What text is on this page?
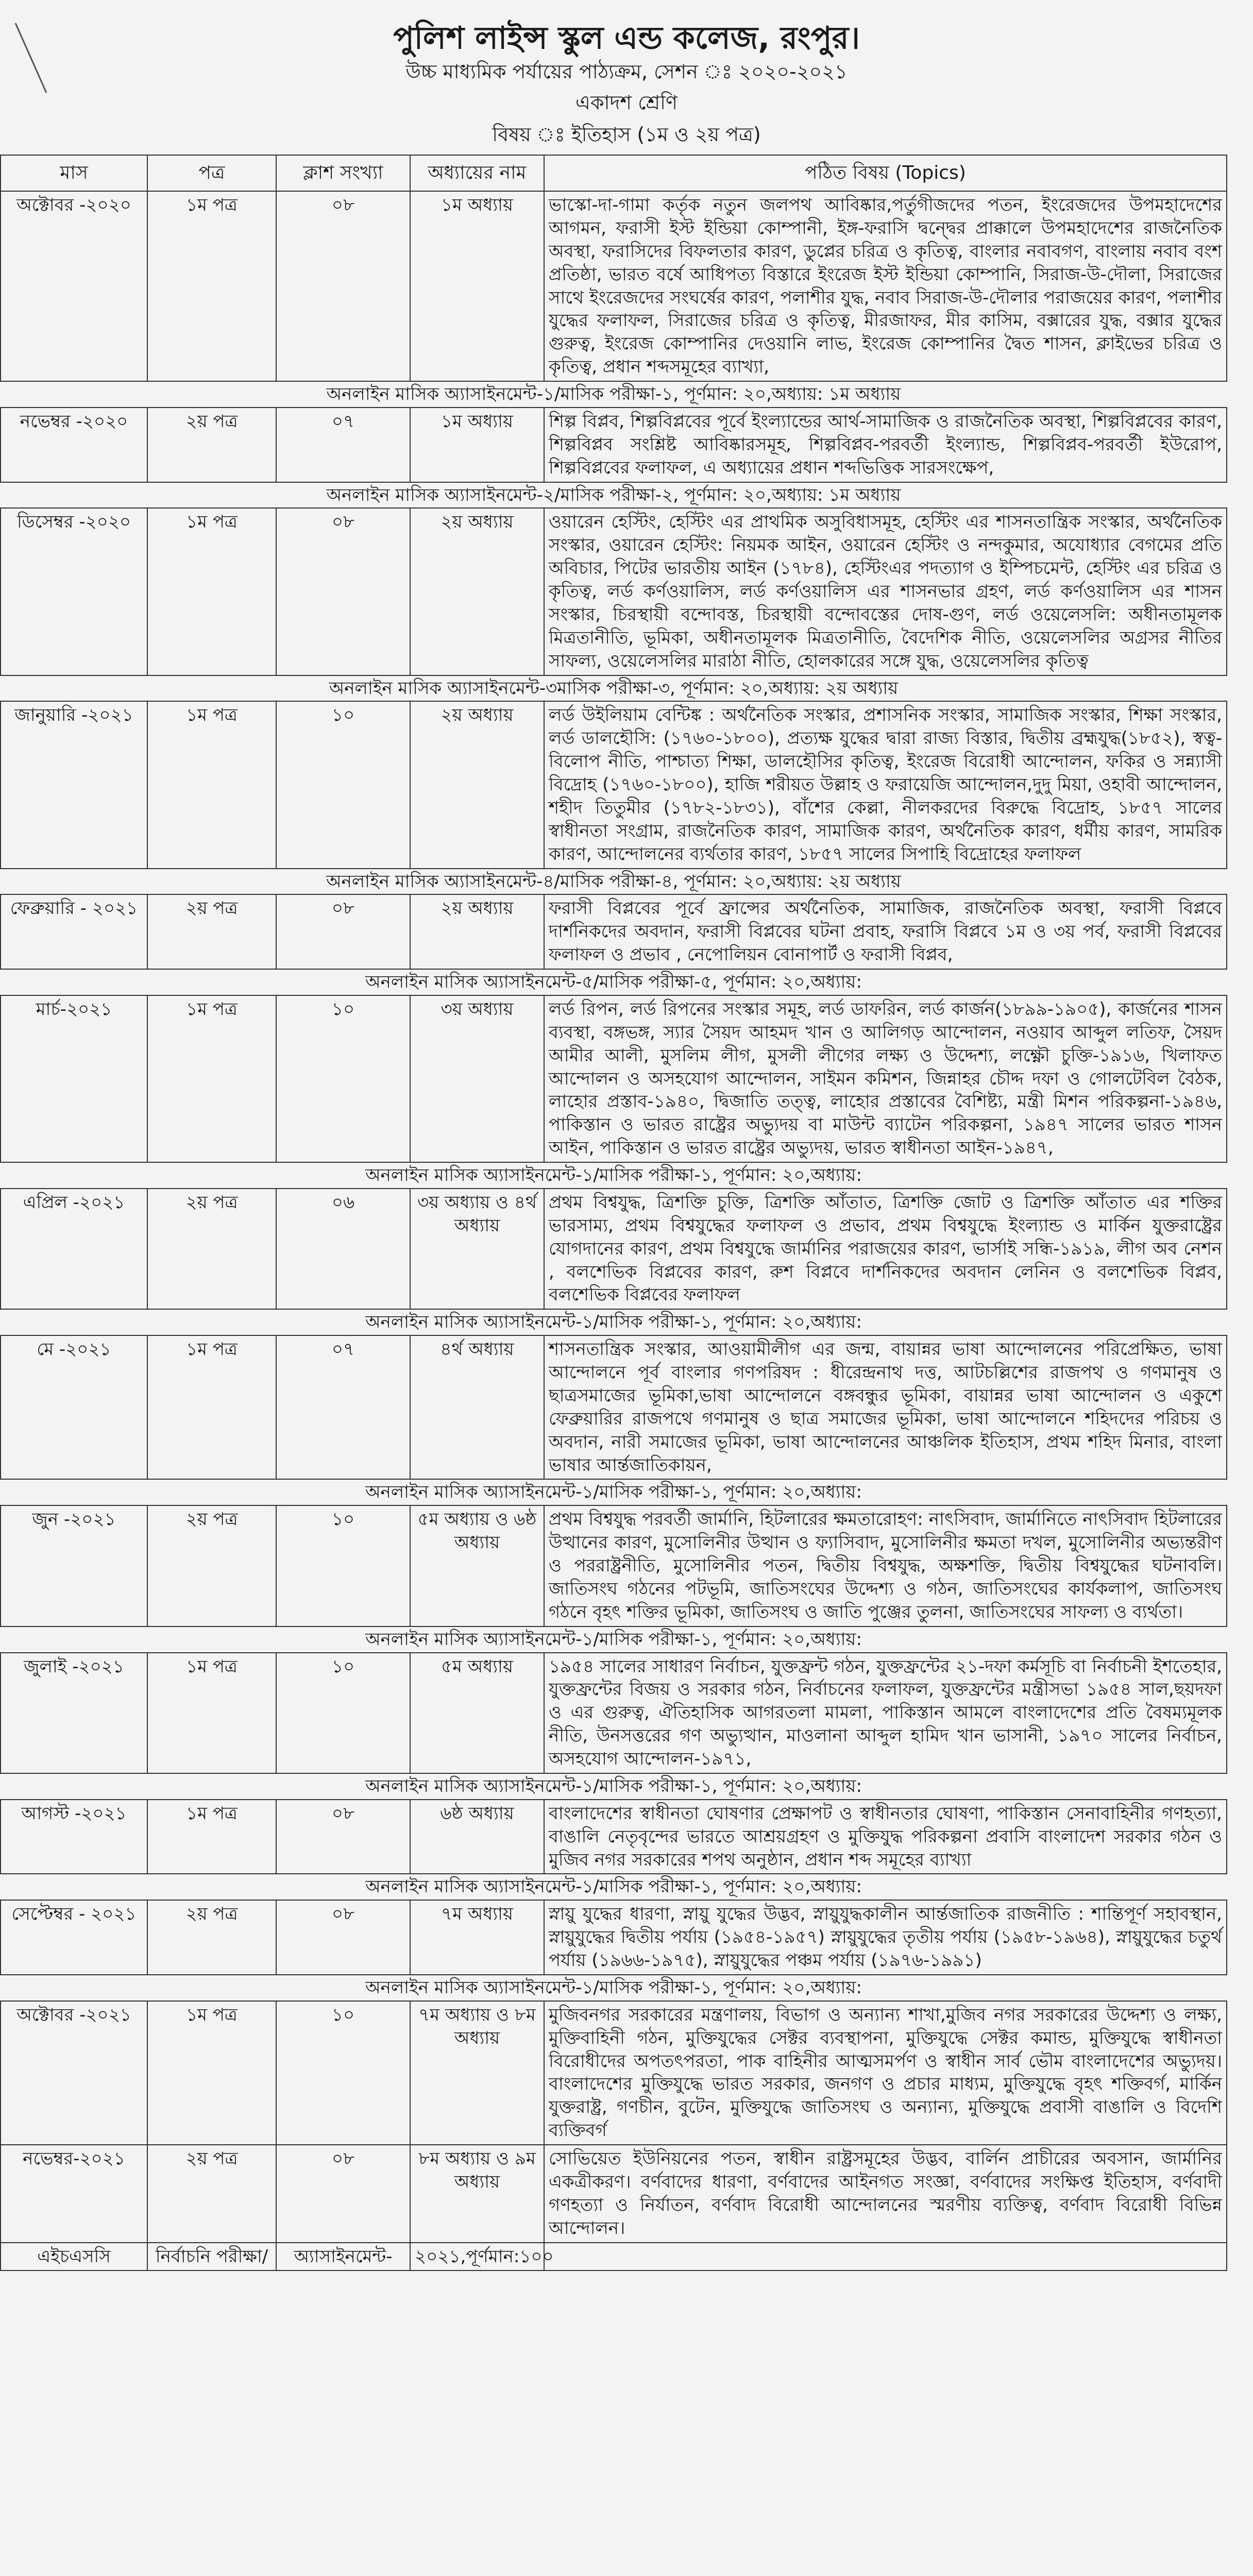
পুলিশ লাইন্স স্কুল এন্ড কলেজ, রংপুর।
উচ্চ মাধ্যমিক পর্যায়ের পাঠ্যক্রম, সেশন ঃ ২০২০-২০২১
একাদশ শ্রেণি
বিষয় ঃ ইতিহাস (১ম ও ২য় পত্র)
মাস	পত্র	ক্লাশ সংখ্যা	অধ্যায়ের নাম	পঠিত বিষয় (Topics)
অক্টোবর -২০২০	১ম পত্র	০৮	১ম অধ্যায়	ভাস্কো-দা-গামা কর্তৃক নতুন জলপথ আবিষ্কার,পর্তুগীজদের পতন, ইংরেজদের উপমহাদেশের আগমন, ফরাসী ইস্ট ইন্ডিয়া কোম্পানী, ইঙ্গ-ফরাসি দ্বন্দ্বের প্রাক্কালে উপমহাদেশের রাজনৈতিক অবস্থা, ফরাসিদের বিফলতার কারণ, ডুপ্লের চরিত্র ও কৃতিত্ব, বাংলার নবাবগণ, বাংলায় নবাব বংশ প্রতিষ্ঠা, ভারত বর্ষে আধিপত্য বিস্তারে ইংরেজ ইস্ট ইন্ডিয়া কোম্পানি, সিরাজ-উ-দৌলা, সিরাজের সাথে ইংরেজদের সংঘর্ষের কারণ, পলাশীর যুদ্ধ, নবাব সিরাজ-উ-দৌলার পরাজয়ের কারণ, পলাশীর যুদ্ধের ফলাফল, সিরাজের চরিত্র ও কৃতিত্ব, মীরজাফর, মীর কাসিম, বক্সারের যুদ্ধ, বক্সার যুদ্ধের গুরুত্ব, ইংরেজ কোম্পানির দেওয়ানি লাভ, ইংরেজ কোম্পানির দ্বৈত শাসন, ক্লাইভের চরিত্র ও কৃতিত্ব, প্রধান শব্দসমূহের ব্যাখ্যা,
অনলাইন মাসিক অ্যাসাইনমেন্ট-১/মাসিক পরীক্ষা-১, পূর্ণমান: ২০,অধ্যায়: ১ম অধ্যায়				
নভেম্বর -২০২০	২য় পত্র	০৭	১ম অধ্যায়	শিল্প বিপ্লব, শিল্পবিপ্লবের পূর্বে ইংল্যান্ডের আর্থ-সামাজিক ও রাজনৈতিক অবস্থা, শিল্পবিপ্লবের কারণ, শিল্পবিপ্লব সংশ্লিষ্ট আবিষ্কারসমূহ, শিল্পবিপ্লব-পরবর্তী ইংল্যান্ড, শিল্পবিপ্লব-পরবর্তী ইউরোপ, শিল্পবিপ্লবের ফলাফল, এ অধ্যায়ের প্রধান শব্দভিত্তিক সারসংক্ষেপ,
অনলাইন মাসিক অ্যাসাইনমেন্ট-২/মাসিক পরীক্ষা-২, পূর্ণমান: ২০,অধ্যায়: ১ম অধ্যায়				
ডিসেম্বর -২০২০	১ম পত্র	০৮	২য় অধ্যায়	ওয়ারেন হেস্টিং, হেস্টিং এর প্রাথমিক অসুবিধাসমূহ, হেস্টিং এর শাসনতান্ত্রিক সংস্কার, অর্থনৈতিক সংস্কার, ওয়ারেন হেস্টিং: নিয়মক আইন, ওয়ারেন হেস্টিং ও নন্দকুমার, অযোধ্যার বেগমের প্রতি অবিচার, পিটের ভারতীয় আইন (১৭৮৪), হেস্টিংএর পদত্যাগ ও ইম্পিচমেন্ট, হেস্টিং এর চরিত্র ও কৃতিত্ব, লর্ড কর্ণওয়ালিস, লর্ড কর্ণওয়ালিস এর শাসনভার গ্রহণ, লর্ড কর্ণওয়ালিস এর শাসন সংস্কার, চিরস্থায়ী বন্দোবস্ত, চিরস্থায়ী বন্দোবস্তের দোষ-গুণ, লর্ড ওয়েলেসলি: অধীনতামূলক মিত্রতানীতি, ভূমিকা, অধীনতামূলক মিত্রতানীতি, বৈদেশিক নীতি, ওয়েলেসলির অগ্রসর নীতির সাফল্য, ওয়েলেসলির মারাঠা নীতি, হোলকারের সঙ্গে যুদ্ধ, ওয়েলেসলির কৃতিত্ব
অনলাইন মাসিক অ্যাসাইনমেন্ট-৩মাসিক পরীক্ষা-৩, পূর্ণমান: ২০,অধ্যায়: ২য় অধ্যায়				
জানুয়ারি -২০২১	১ম পত্র	১০	২য় অধ্যায়	লর্ড উইলিয়াম বেন্টিঙ্ক : অর্থনৈতিক সংস্কার, প্রশাসনিক সংস্কার, সামাজিক সংস্কার, শিক্ষা সংস্কার, লর্ড ডালহৌসি: (১৭৬০-১৮০০), প্রত্যক্ষ যুদ্ধের দ্বারা রাজ্য বিস্তার, দ্বিতীয় ব্রহ্মযুদ্ধ(১৮৫২), স্বত্ব-বিলোপ নীতি, পাশ্চাত্য শিক্ষা, ডালহৌসির কৃতিত্ব, ইংরেজ বিরোধী আন্দোলন, ফকির ও সন্ন্যাসী বিদ্রোহ (১৭৬০-১৮০০), হাজি শরীয়ত উল্লাহ ও ফরায়েজি আন্দোলন,দুদু মিয়া, ওহাবী আন্দোলন, শহীদ তিতুমীর (১৭৮২-১৮৩১), বাঁশের কেল্লা, নীলকরদের বিরুদ্ধে বিদ্রোহ, ১৮৫৭ সালের স্বাধীনতা সংগ্রাম, রাজনৈতিক কারণ, সামাজিক কারণ, অর্থনৈতিক কারণ, ধর্মীয় কারণ, সামরিক কারণ, আন্দোলনের ব্যর্থতার কারণ, ১৮৫৭ সালের সিপাহি বিদ্রোহের ফলাফল
অনলাইন মাসিক অ্যাসাইনমেন্ট-৪/মাসিক পরীক্ষা-৪, পূর্ণমান: ২০,অধ্যায়: ২য় অধ্যায়				
ফেব্রুয়ারি - ২০২১	২য় পত্র	০৮	২য় অধ্যায়	ফরাসী বিপ্লবের পূর্বে ফ্রান্সের অর্থনৈতিক, সামাজিক, রাজনৈতিক অবস্থা, ফরাসী বিপ্লবে দার্শনিকদের অবদান, ফরাসী বিপ্লবের ঘটনা প্রবাহ, ফরাসি বিপ্লবে ১ম ও ৩য় পর্ব, ফরাসী বিপ্লবের ফলাফল ও প্রভাব , নেপোলিয়ন বোনাপার্ট ও ফরাসী বিপ্লব,
অনলাইন মাসিক অ্যাসাইনমেন্ট-৫/মাসিক পরীক্ষা-৫, পূর্ণমান: ২০,অধ্যায়:				
মার্চ-২০২১	১ম পত্র	১০	৩য় অধ্যায়	লর্ড রিপন, লর্ড রিপনের সংস্কার সমূহ, লর্ড ডাফরিন, লর্ড কার্জন(১৮৯৯-১৯০৫), কার্জনের শাসন ব্যবস্থা, বঙ্গভঙ্গ, স্যার সৈয়দ আহমদ খান ও আলিগড় আন্দোলন, নওয়াব আব্দুল লতিফ, সৈয়দ আমীর আলী, মুসলিম লীগ, মুসলী লীগের লক্ষ্য ও উদ্দেশ্য, লক্ষ্ণৌ চুক্তি-১৯১৬, খিলাফত আন্দোলন ও অসহযোগ আন্দোলন, সাইমন কমিশন, জিন্নাহর চৌদ্দ দফা ও গোলটেবিল বৈঠক, লাহোর প্রস্তাব-১৯৪০, দ্বিজাতি তত্ত্ব, লাহোর প্রস্তাবের বৈশিষ্ট্য, মন্ত্রী মিশন পরিকল্পনা-১৯৪৬, পাকিস্তান ও ভারত রাষ্ট্রের অভ্যুদয় বা মাউন্ট ব্যাটেন পরিকল্পনা, ১৯৪৭ সালের ভারত শাসন আইন, পাকিস্তান ও ভারত রাষ্ট্রের অভ্যুদয়, ভারত স্বাধীনতা আইন-১৯৪৭,
অনলাইন মাসিক অ্যাসাইনমেন্ট-১/মাসিক পরীক্ষা-১, পূর্ণমান: ২০,অধ্যায়:				
এপ্রিল -২০২১	২য় পত্র	০৬	৩য় অধ্যায় ও ৪র্থ অধ্যায়	প্রথম বিশ্বযুদ্ধ, ত্রিশক্তি চুক্তি, ত্রিশক্তি আঁতাত, ত্রিশক্তি জোট ও ত্রিশক্তি আঁতাত এর শক্তির ভারসাম্য, প্রথম বিশ্বযুদ্ধের ফলাফল ও প্রভাব, প্রথম বিশ্বযুদ্ধে ইংল্যান্ড ও মার্কিন যুক্তরাষ্ট্রের যোগদানের কারণ, প্রথম বিশ্বযুদ্ধে জার্মানির পরাজয়ের কারণ, ভার্সাই সন্ধি-১৯১৯, লীগ অব নেশন , বলশেভিক বিপ্লবের কারণ, রুশ বিপ্লবে দার্শনিকদের অবদান লেনিন ও বলশেভিক বিপ্লব, বলশেভিক বিপ্লবের ফলাফল
অনলাইন মাসিক অ্যাসাইনমেন্ট-১/মাসিক পরীক্ষা-১, পূর্ণমান: ২০,অধ্যায়:				
মে -২০২১	১ম পত্র	০৭	৪র্থ অধ্যায়	শাসনতান্ত্রিক সংস্কার, আওয়ামীলীগ এর জন্ম, বায়ান্নর ভাষা আন্দোলনের পরিপ্রেক্ষিত, ভাষা আন্দোলনে পূর্ব বাংলার গণপরিষদ : ধীরেন্দ্রনাথ দত্ত, আটচল্লিশের রাজপথ ও গণমানুষ ও ছাত্রসমাজের ভূমিকা,ভাষা আন্দোলনে বঙ্গবন্ধুর ভূমিকা, বায়ান্নর ভাষা আন্দোলন ও একুশে ফেব্রুয়ারির রাজপথে গণমানুষ ও ছাত্র সমাজের ভূমিকা, ভাষা আন্দোলনে শহিদদের পরিচয় ও অবদান, নারী সমাজের ভূমিকা, ভাষা আন্দোলনের আঞ্চলিক ইতিহাস, প্রথম শহিদ মিনার, বাংলা ভাষার আর্ন্তজাতিকায়ন,
অনলাইন মাসিক অ্যাসাইনমেন্ট-১/মাসিক পরীক্ষা-১, পূর্ণমান: ২০,অধ্যায়:				
জুন -২০২১	২য় পত্র	১০	৫ম অধ্যায় ও ৬ষ্ঠ অধ্যায়	প্রথম বিশ্বযুদ্ধ পরবর্তী জার্মানি, হিটলারের ক্ষমতারোহণ: নাৎসিবাদ, জার্মানিতে নাৎসিবাদ হিটলারের উত্থানের কারণ, মুসোলিনীর উত্থান ও ফ্যাসিবাদ, মুসোলিনীর ক্ষমতা দখল, মুসোলিনীর অভ্যন্তরীণ ও পররাষ্ট্রনীতি, মুসোলিনীর পতন, দ্বিতীয় বিশ্বযুদ্ধ, অক্ষশক্তি, দ্বিতীয় বিশ্বযুদ্ধের ঘটনাবলি। জাতিসংঘ গঠনের পটভূমি, জাতিসংঘের উদ্দেশ্য ও গঠন, জাতিসংঘের কার্যকলাপ, জাতিসংঘ গঠনে বৃহৎ শক্তির ভূমিকা, জাতিসংঘ ও জাতি পুঞ্জের তুলনা, জাতিসংঘের সাফল্য ও ব্যর্থতা।
অনলাইন মাসিক অ্যাসাইনমেন্ট-১/মাসিক পরীক্ষা-১, পূর্ণমান: ২০,অধ্যায়:				
জুলাই -২০২১	১ম পত্র	১০	৫ম অধ্যায়	১৯৫৪ সালের সাধারণ নির্বাচন, যুক্তফ্রন্ট গঠন, যুক্তফ্রন্টের ২১-দফা কর্মসূচি বা নির্বাচনী ইশতেহার, যুক্তফ্রন্টের বিজয় ও সরকার গঠন, নির্বাচনের ফলাফল, যুক্তফ্রন্টের মন্ত্রীসভা ১৯৫৪ সাল,ছয়দফা ও এর গুরুত্ব, ঐতিহাসিক আগরতলা মামলা, পাকিস্তান আমলে বাংলাদেশের প্রতি বৈষম্যমূলক নীতি, উনসত্তরের গণ অভ্যুত্থান, মাওলানা আব্দুল হামিদ খান ভাসানী, ১৯৭০ সালের নির্বাচন, অসহযোগ আন্দোলন-১৯৭১,
অনলাইন মাসিক অ্যাসাইনমেন্ট-১/মাসিক পরীক্ষা-১, পূর্ণমান: ২০,অধ্যায়:				
আগস্ট -২০২১	১ম পত্র	০৮	৬ষ্ঠ অধ্যায়	বাংলাদেশের স্বাধীনতা ঘোষণার প্রেক্ষাপট ও স্বাধীনতার ঘোষণা, পাকিস্তান সেনাবাহিনীর গণহত্যা, বাঙালি নেতৃবৃন্দের ভারতে আশ্রয়গ্রহণ ও মুক্তিযুদ্ধ পরিকল্পনা প্রবাসি বাংলাদেশ সরকার গঠন ও মুজিব নগর সরকারের শপথ অনুষ্ঠান, প্রধান শব্দ সমূহের ব্যাখ্যা
অনলাইন মাসিক অ্যাসাইনমেন্ট-১/মাসিক পরীক্ষা-১, পূর্ণমান: ২০,অধ্যায়:				
সেপ্টেম্বর - ২০২১	২য় পত্র	০৮	৭ম অধ্যায়	স্নায়ু যুদ্ধের ধারণা, স্নায়ু যুদ্ধের উদ্ভব, স্নায়ুযুদ্ধকালীন আর্ন্তজাতিক রাজনীতি : শান্তিপূর্ণ সহাবস্থান, স্নায়ুযুদ্ধের দ্বিতীয় পর্যায় (১৯৫৪-১৯৫৭) স্নায়ুযুদ্ধের তৃতীয় পর্যায় (১৯৫৮-১৯৬৪), স্নায়ুযুদ্ধের চতুর্থ পর্যায় (১৯৬৬-১৯৭৫), স্নায়ুযুদ্ধের পঞ্চম পর্যায় (১৯৭৬-১৯৯১)
অনলাইন মাসিক অ্যাসাইনমেন্ট-১/মাসিক পরীক্ষা-১, পূর্ণমান: ২০,অধ্যায়:				
অক্টোবর -২০২১	১ম পত্র	১০	৭ম অধ্যায় ও ৮ম অধ্যায়	মুজিবনগর সরকারের মন্ত্রণালয়, বিভাগ ও অন্যান্য শাখা,মুজিব নগর সরকারের উদ্দেশ্য ও লক্ষ্য, মুক্তিবাহিনী গঠন, মুক্তিযুদ্ধের সেক্টর ব্যবস্থাপনা, মুক্তিযুদ্ধে সেক্টর কমান্ড, মুক্তিযুদ্ধে স্বাধীনতা বিরোধীদের অপতৎপরতা, পাক বাহিনীর আত্মসমর্পণ ও স্বাধীন সার্ব ভৌম বাংলাদেশের অভ্যুদয়। বাংলাদেশের মুক্তিযুদ্ধে ভারত সরকার, জনগণ ও প্রচার মাধ্যম, মুক্তিযুদ্ধে বৃহৎ শক্তিবর্গ, মার্কিন যুক্তরাষ্ট্র, গণচীন, বুটেন, মুক্তিযুদ্ধে জাতিসংঘ ও অন্যান্য, মুক্তিযুদ্ধে প্রবাসী বাঙালি ও বিদেশি ব্যক্তিবর্গ
নভেম্বর-২০২১	২য় পত্র	০৮	৮ম অধ্যায় ও ৯ম অধ্যায়	সোভিয়েত ইউনিয়নের পতন, স্বাধীন রাষ্ট্রসমূহের উদ্ভব, বার্লিন প্রাচীরের অবসান, জার্মানির একত্রীকরণ। বর্ণবাদের ধারণা, বর্ণবাদের আইনগত সংজ্ঞা, বর্ণবাদের সংক্ষিপ্ত ইতিহাস, বর্ণবাদী গণহত্যা ও নির্যাতন, বর্ণবাদ বিরোধী আন্দোলনের স্মরণীয় ব্যক্তিত্ব, বর্ণবাদ বিরোধী বিভিন্ন আন্দোলন।
এইচএসসি	নির্বাচনি পরীক্ষা/	অ্যাসাইনমেন্ট-	২০২১,পূর্ণমান:১০০	
